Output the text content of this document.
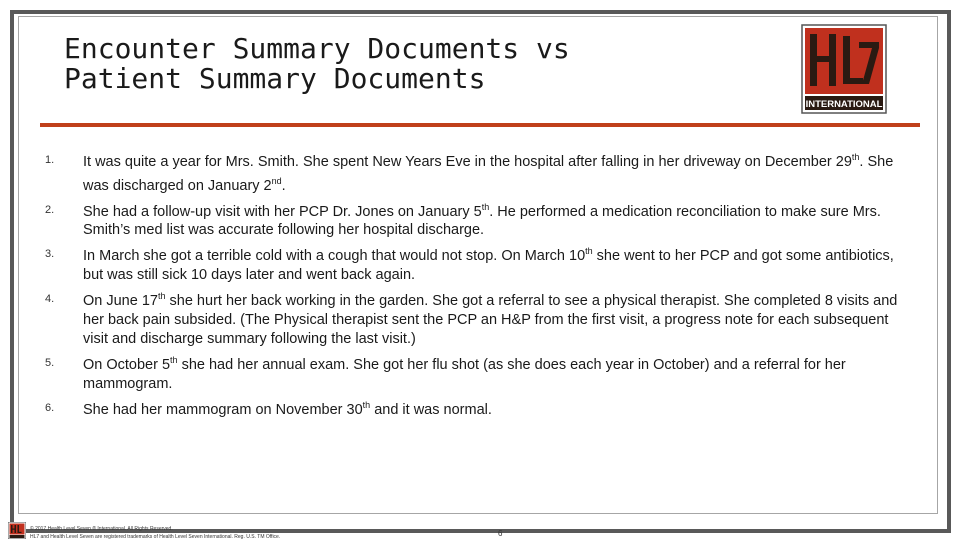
Encounter Summary Documents vs
Patient Summary Documents
INTERNATIONAL
1.	It was quite a year for Mrs. Smith. She spent New Years Eve in the hospital after falling in her driveway on December 29th. She was discharged on January 2nd.
2.	She had a follow-up visit with her PCP Dr. Jones on January 5th. He performed a medication reconciliation to make sure Mrs. Smith’s med list was accurate following her hospital discharge.
3.	In March she got a terrible cold with a cough that would not stop. On March 10th she went to her PCP and got some antibiotics, but was still sick 10 days later and went back again.
4.	On June 17th she hurt her back working in the garden. She got a referral to see a physical therapist. She completed 8 visits and her back pain subsided. (The Physical therapist sent the PCP an H&P from the first visit, a progress note for each subsequent visit and discharge summary following the last visit.)
5.	On October 5th she had her annual exam. She got her flu shot (as she does each year in October) and a referral for her mammogram.
6.	She had her mammogram on November 30th and it was normal.
© 2017 Health Level Seven ® International. All Rights Reserved.
HL7 and Health Level Seven are registered trademarks of Health Level Seven International. Reg. U.S. TM Office.	6
